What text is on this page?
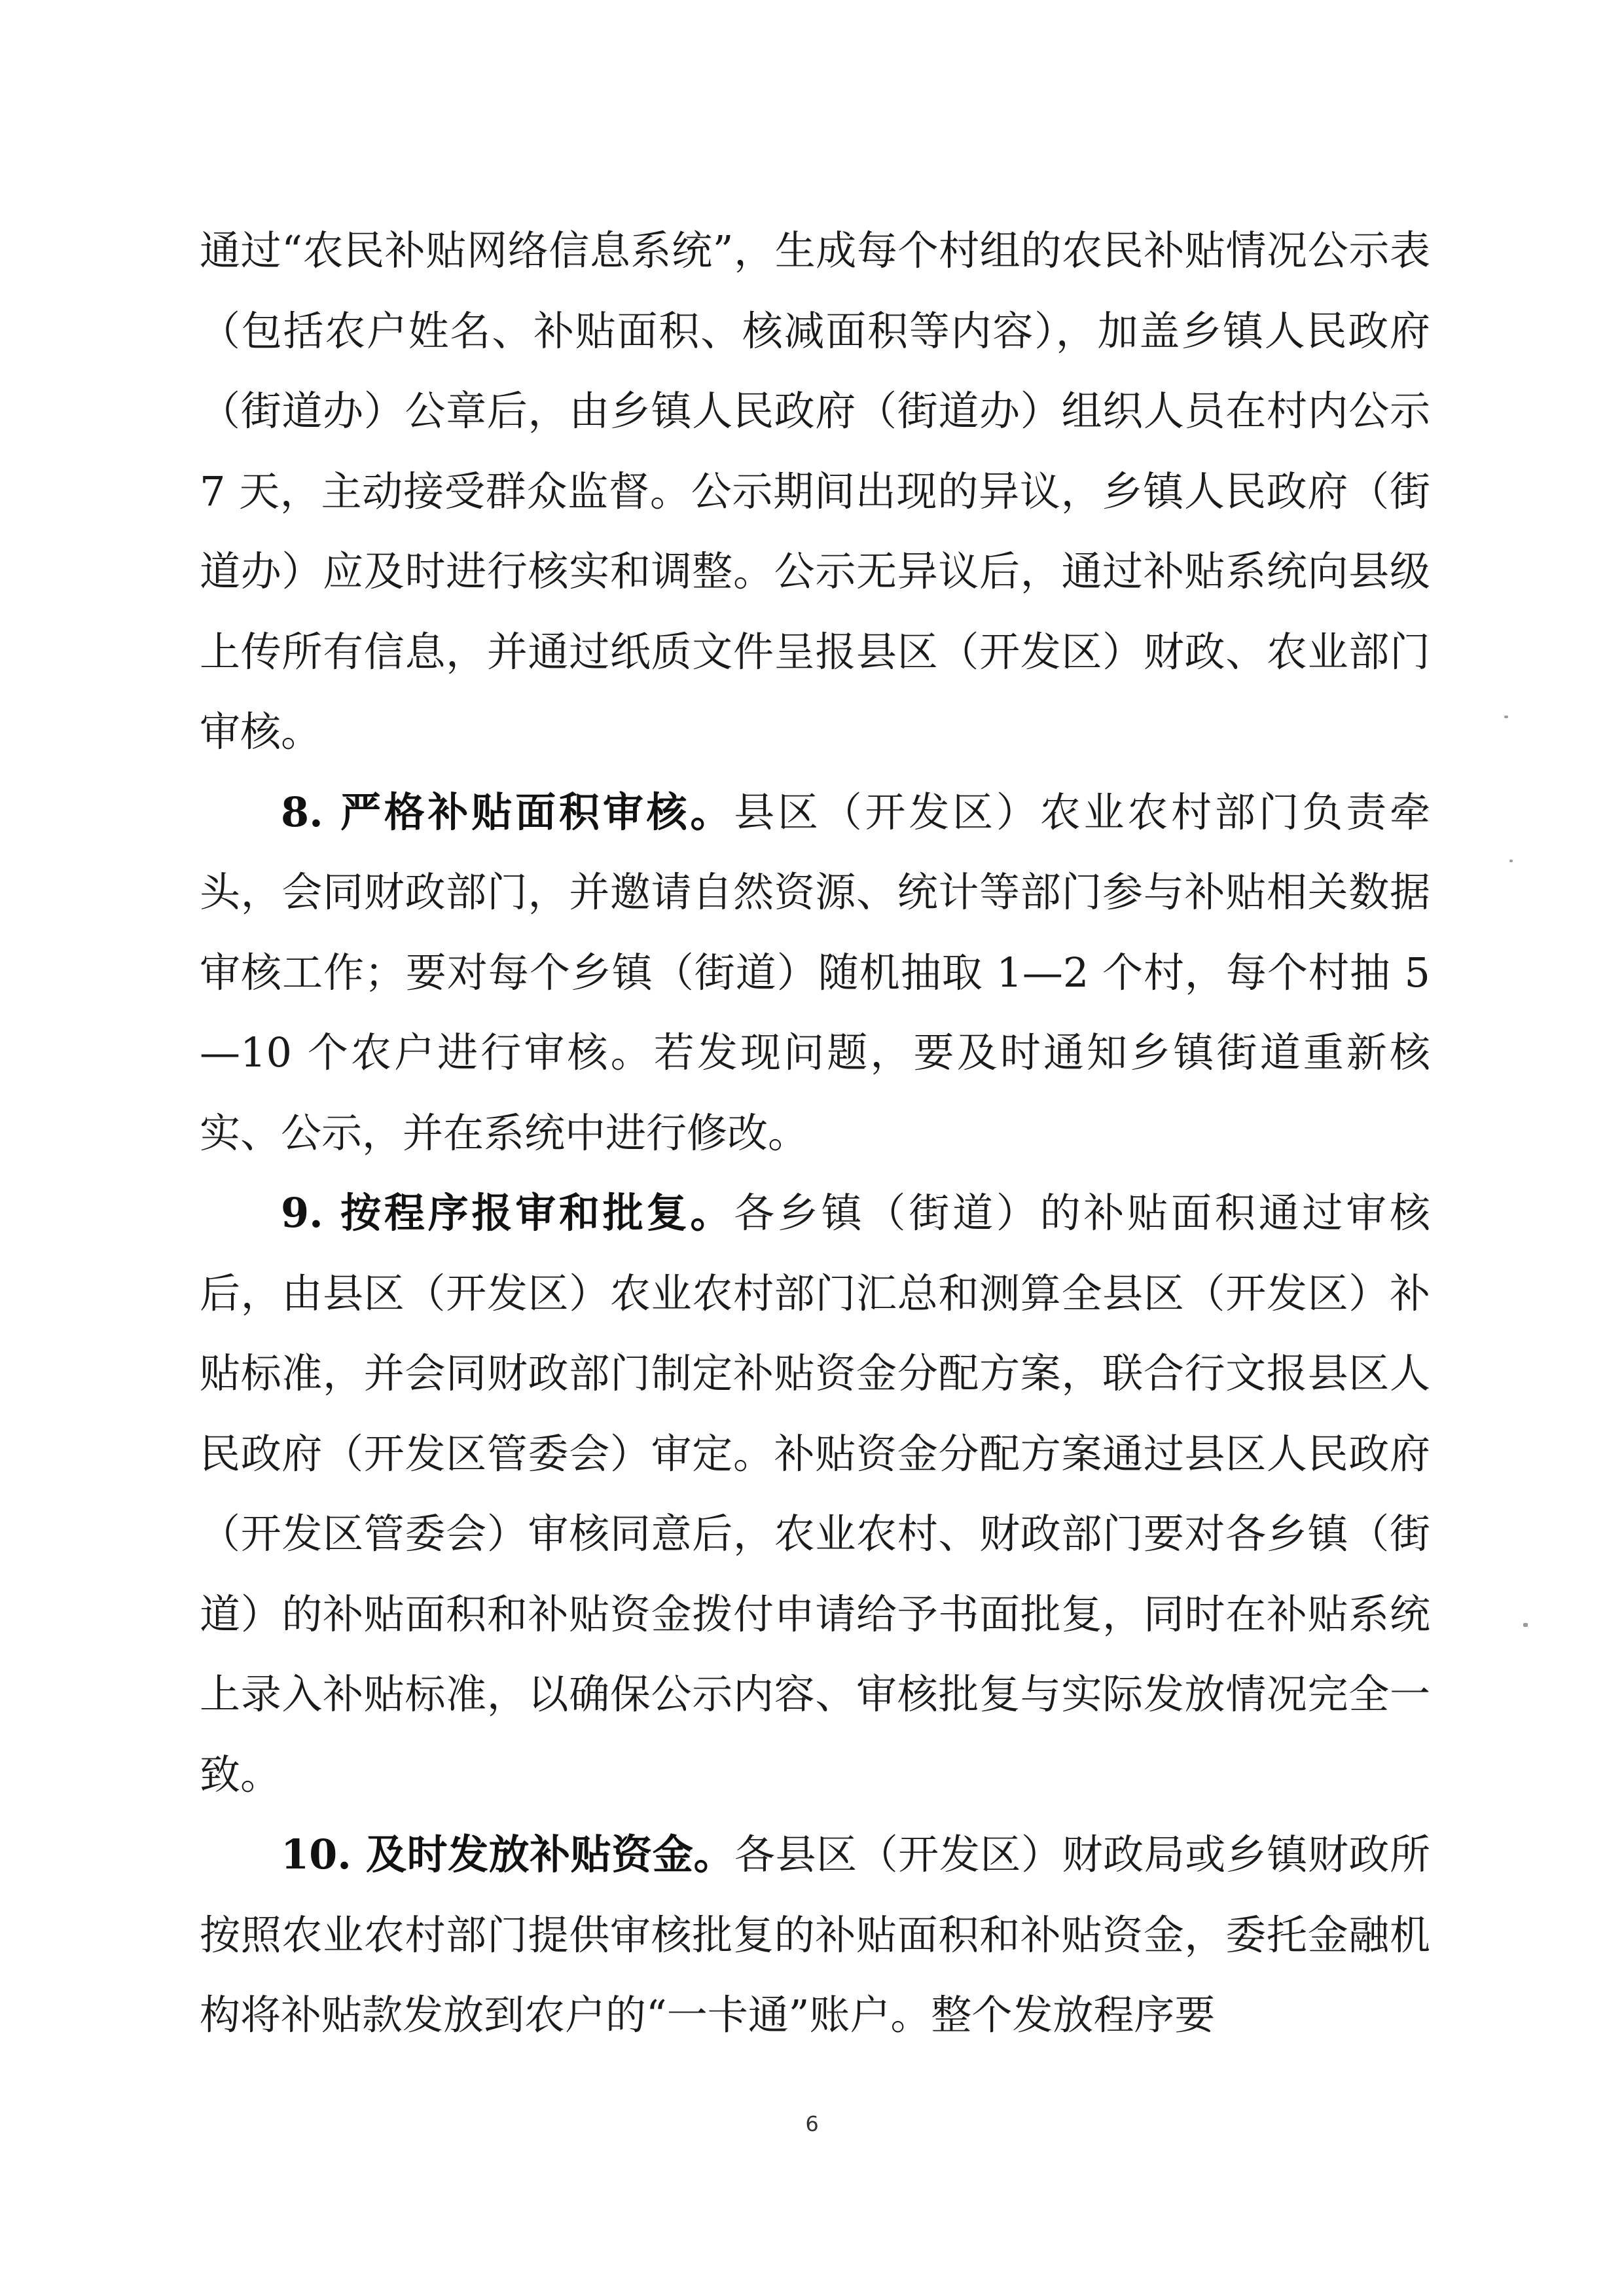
通过“农民补贴网络信息系统”，生成每个村组的农民补贴情况公示表（包括农户姓名、补贴面积、核减面积等内容），加盖乡镇人民政府（街道办）公章后，由乡镇人民政府（街道办）组织人员在村内公示 7 天，主动接受群众监督。公示期间出现的异议，乡镇人民政府（街道办）应及时进行核实和调整。公示无异议后，通过补贴系统向县级上传所有信息，并通过纸质文件呈报县区（开发区）财政、农业部门审核。

8. 严格补贴面积审核。县区（开发区）农业农村部门负责牵头，会同财政部门，并邀请自然资源、统计等部门参与补贴相关数据审核工作；要对每个乡镇（街道）随机抽取 1—2 个村，每个村抽 5—10 个农户进行审核。若发现问题，要及时通知乡镇街道重新核实、公示，并在系统中进行修改。

9. 按程序报审和批复。各乡镇（街道）的补贴面积通过审核后，由县区（开发区）农业农村部门汇总和测算全县区（开发区）补贴标准，并会同财政部门制定补贴资金分配方案，联合行文报县区人民政府（开发区管委会）审定。补贴资金分配方案通过县区人民政府（开发区管委会）审核同意后，农业农村、财政部门要对各乡镇（街道）的补贴面积和补贴资金拨付申请给予书面批复，同时在补贴系统上录入补贴标准，以确保公示内容、审核批复与实际发放情况完全一致。

10. 及时发放补贴资金。各县区（开发区）财政局或乡镇财政所按照农业农村部门提供审核批复的补贴面积和补贴资金，委托金融机构将补贴款发放到农户的“一卡通”账户。整个发放程序要

6
